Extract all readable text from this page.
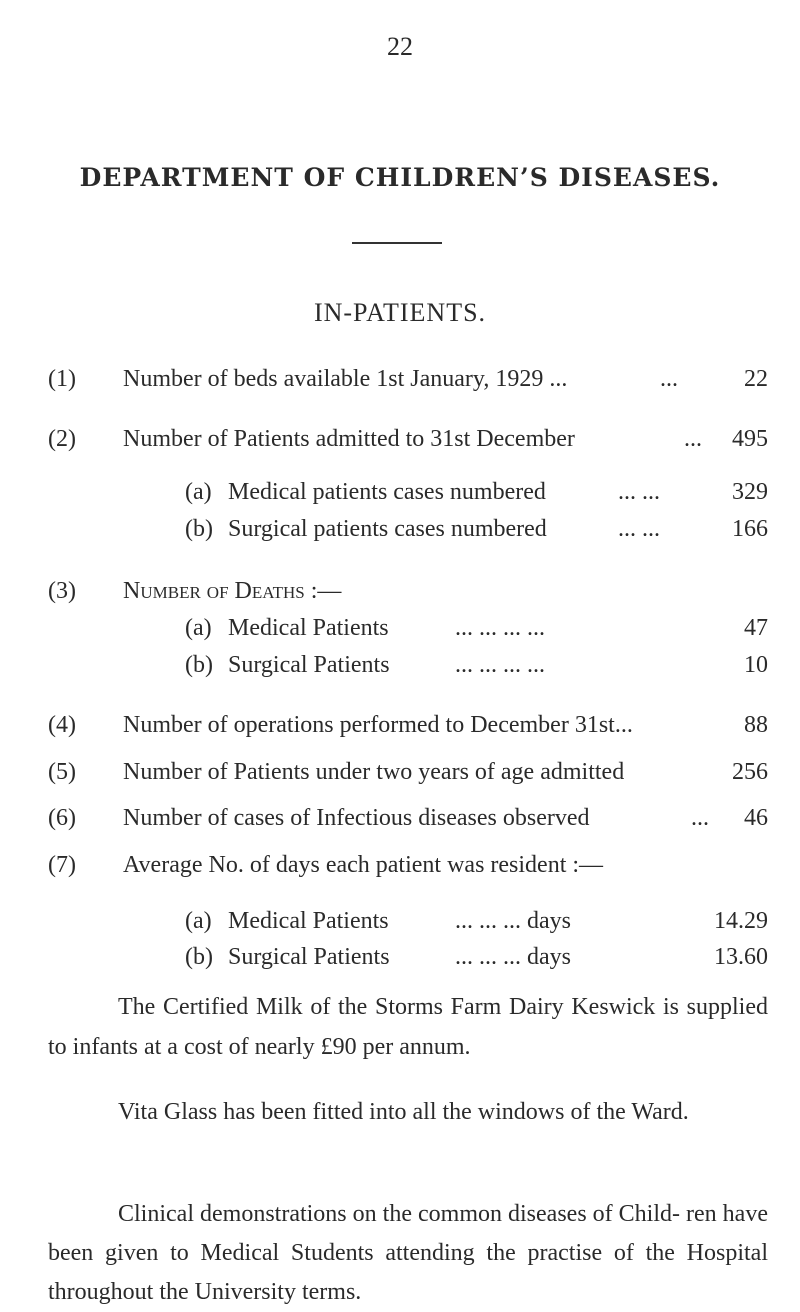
22
DEPARTMENT OF CHILDREN’S DISEASES.
IN-PATIENTS.
(1) Number of beds available 1st January, 1929 ...	...	22
(2) Number of Patients admitted to 31st December	... 495
(a) Medical patients cases numbered	... ...	329
(b) Surgical patients cases numbered	... ...	166
(3) Number of Deaths :—
(a) Medical Patients	... ... ... ...	47
(b) Surgical Patients	... ... ... ...	10
(4) Number of operations performed to December 31st...	88
(5) Number of Patients under two years of age admitted	256
(6) Number of cases of Infectious diseases observed	... 46
(7) Average No. of days each patient was resident :—
(a) Medical Patients	... ... ... days	14.29
(b) Surgical Patients	... ... ... days	13.60

The Certified Milk of the Storms Farm Dairy Keswick is supplied to infants at a cost of nearly £90 per annum.

Vita Glass has been fitted into all the windows of the Ward.

Clinical demonstrations on the common diseases of Child- ren have been given to Medical Students attending the practise of the Hospital throughout the University terms.
